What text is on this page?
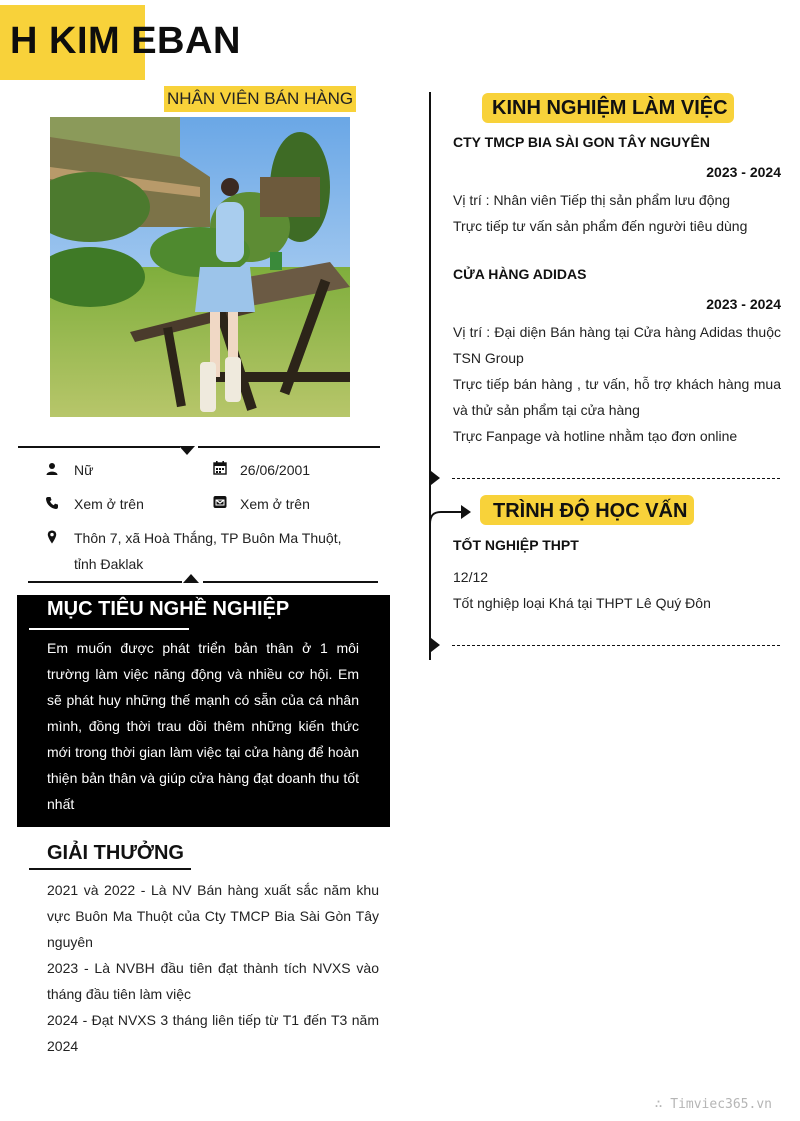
H KIM EBAN
NHÂN VIÊN BÁN HÀNG
Nữ	26/06/2001
Xem ở trên	Xem ở trên
Thôn 7, xã Hoà Thắng, TP Buôn Ma Thuột,
tỉnh Đaklak
MỤC TIÊU NGHỀ NGHIỆP
Em muốn được phát triển bản thân ở 1 môi trường làm việc năng động và nhiều cơ hội. Em sẽ phát huy những thế mạnh có sẵn của cá nhân mình, đồng thời trau dồi thêm những kiến thức mới trong thời gian làm việc tại cửa hàng để hoàn thiện bản thân và giúp cửa hàng đạt doanh thu tốt nhất
GIẢI THƯỞNG
2021 và 2022 - Là NV Bán hàng xuất sắc năm khu vực Buôn Ma Thuột của Cty TMCP Bia Sài Gòn Tây nguyên
2023 - Là NVBH đầu tiên đạt thành tích NVXS vào tháng đầu tiên làm việc
2024 - Đạt NVXS 3 tháng liên tiếp từ T1 đến T3 năm 2024
KINH NGHIỆM LÀM VIỆC
CTY TMCP BIA SÀI GON TÂY NGUYÊN
2023 - 2024
Vị trí : Nhân viên Tiếp thị sản phẩm lưu động
Trực tiếp tư vấn sản phẩm đến người tiêu dùng
CỬA HÀNG ADIDAS
2023 - 2024
Vị trí : Đại diện Bán hàng tại Cửa hàng Adidas thuộc TSN Group
Trực tiếp bán hàng , tư vấn, hỗ trợ khách hàng mua và thử sản phẩm tại cửa hàng
Trực Fanpage và hotline nhằm tạo đơn online
TRÌNH ĐỘ HỌC VẤN
TỐT NGHIỆP THPT
12/12
Tốt nghiệp loại Khá tại THPT Lê Quý Đôn
∴ Timviec365.vn
